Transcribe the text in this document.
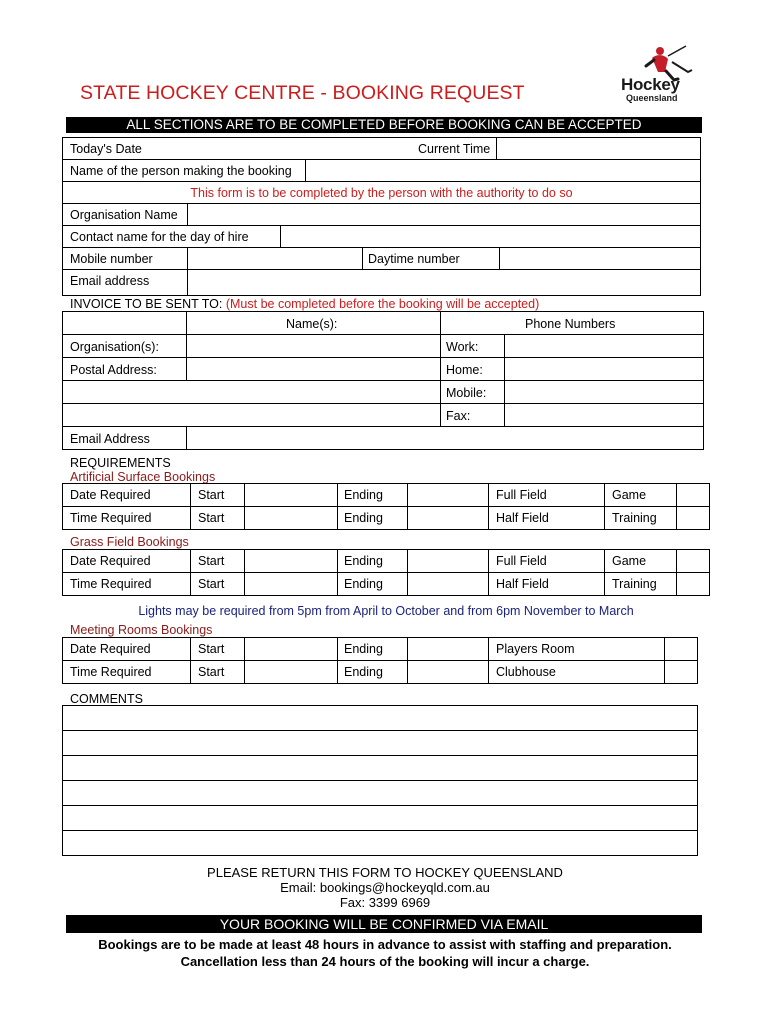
STATE HOCKEY CENTRE - BOOKING REQUEST	Hockey
Queensland
ALL SECTIONS ARE TO BE COMPLETED BEFORE BOOKING CAN BE ACCEPTED
Today's Date	Current Time
Name of the person making the booking
This form is to be completed by the person with the authority to do so
Organisation Name
Contact name for the day of hire
Mobile number	Daytime number
Email address
INVOICE TO BE SENT TO: (Must be completed before the booking will be accepted)
Name(s):	Phone Numbers
Organisation(s):	Work:
Postal Address:	Home:
Mobile:
Fax:
Email Address
REQUIREMENTS
Artificial Surface Bookings
Date Required	Start	Ending	Full Field	Game
Time Required	Start	Ending	Half Field	Training
Grass Field Bookings
Date Required	Start	Ending	Full Field	Game
Time Required	Start	Ending	Half Field	Training
Lights may be required from 5pm from April to October and from 6pm November to March
Meeting Rooms Bookings
Date Required	Start	Ending	Players Room
Time Required	Start	Ending	Clubhouse
COMMENTS
PLEASE RETURN THIS FORM TO HOCKEY QUEENSLAND
Email: bookings@hockeyqld.com.au
Fax: 3399 6969
YOUR BOOKING WILL BE CONFIRMED VIA EMAIL
Bookings are to be made at least 48 hours in advance to assist with staffing and preparation.
Cancellation less than 24 hours of the booking will incur a charge.
